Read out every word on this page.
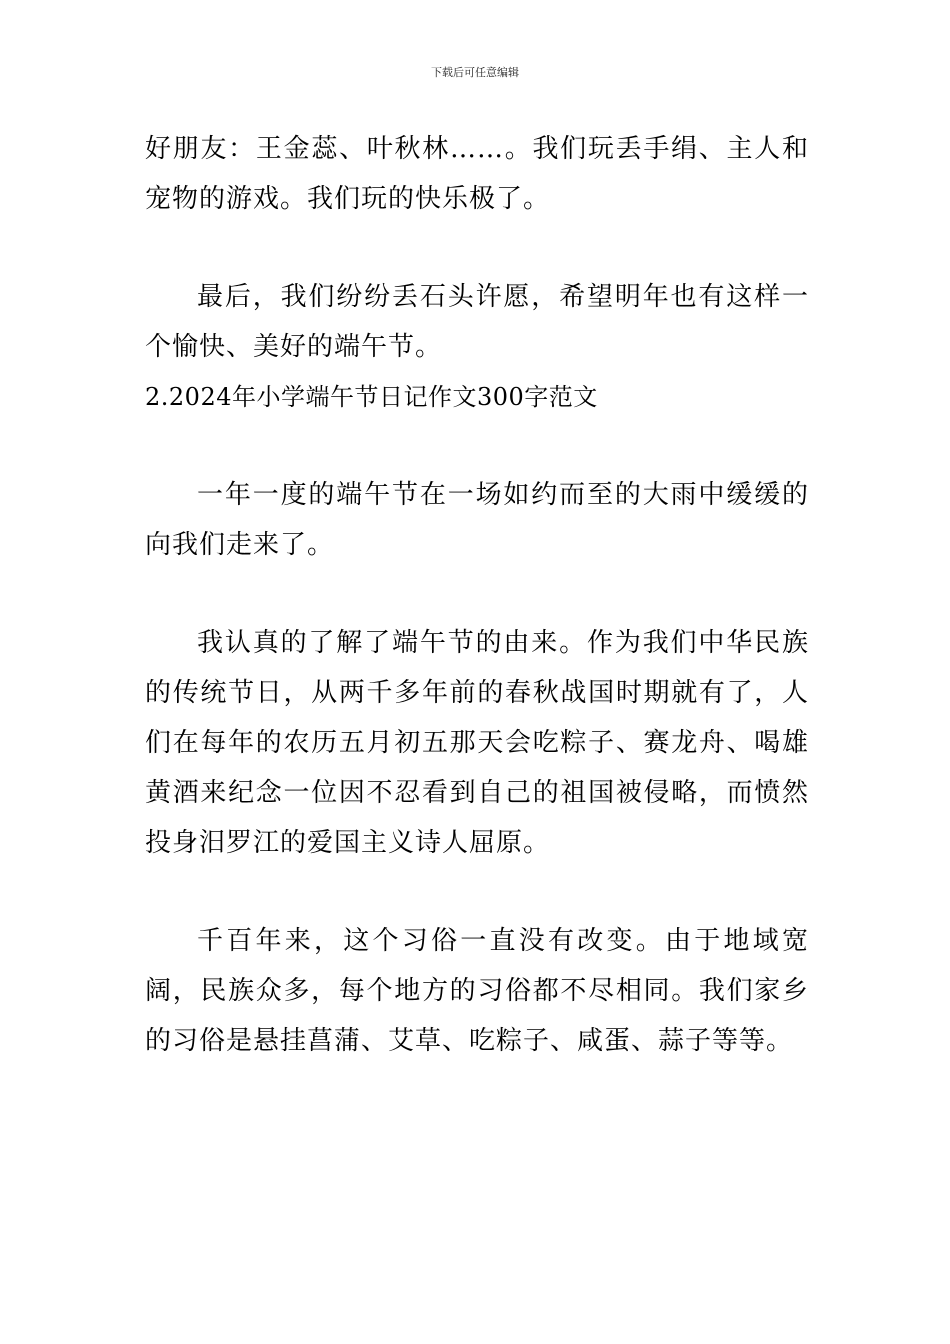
下载后可任意编辑

好朋友：王金蕊、叶秋林……。我们玩丢手绢、主人和宠物的游戏。我们玩的快乐极了。

最后，我们纷纷丢石头许愿，希望明年也有这样一个愉快、美好的端午节。

2.2024年小学端午节日记作文300字范文

一年一度的端午节在一场如约而至的大雨中缓缓的向我们走来了。

我认真的了解了端午节的由来。作为我们中华民族的传统节日，从两千多年前的春秋战国时期就有了，人们在每年的农历五月初五那天会吃粽子、赛龙舟、喝雄黄酒来纪念一位因不忍看到自己的祖国被侵略，而愤然投身汨罗江的爱国主义诗人屈原。

千百年来，这个习俗一直没有改变。由于地域宽阔，民族众多，每个地方的习俗都不尽相同。我们家乡的习俗是悬挂菖蒲、艾草、吃粽子、咸蛋、蒜子等等。
